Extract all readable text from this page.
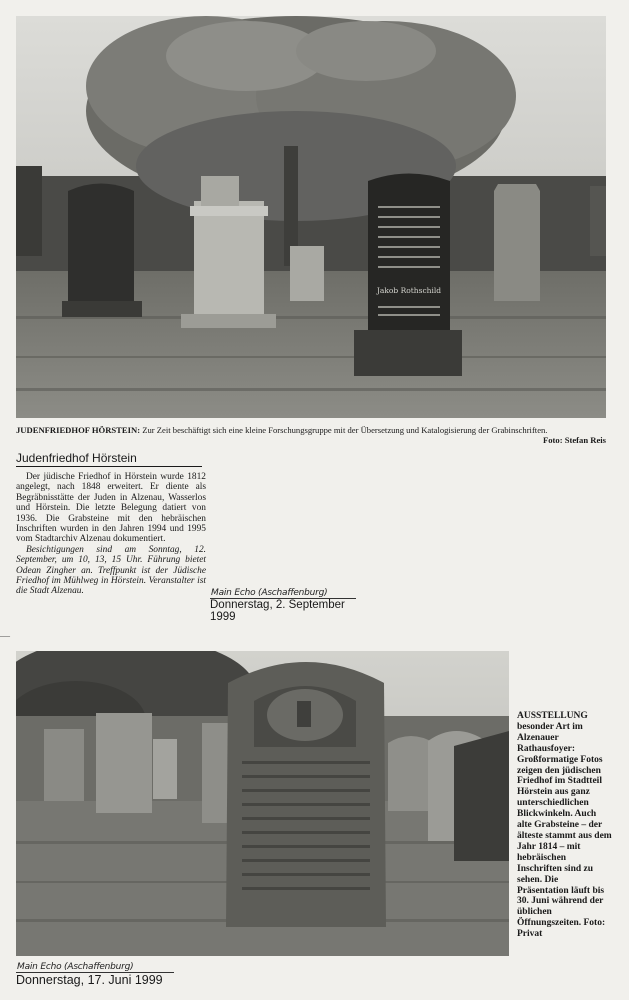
Jakob Rothschild
JUDENFRIEDHOF HÖRSTEIN: Zur Zeit beschäftigt sich eine kleine Forschungsgruppe mit der Übersetzung und Katalogisierung der Grabinschriften.
Foto: Stefan Reis
Judenfriedhof Hörstein

Der jüdische Friedhof in Hörstein wurde 1812 angelegt, nach 1848 erweitert. Er diente als Begräbnisstätte der Juden in Alzenau, Wasserlos und Hörstein. Die letzte Belegung datiert von 1936. Die Grabsteine mit den hebräischen Inschriften wurden in den Jahren 1994 und 1995 vom Stadtarchiv Alzenau dokumentiert.

Besichtigungen sind am Sonntag, 12. September, um 10, 13, 15 Uhr. Führung bietet Odean Zingher an. Treffpunkt ist der Jüdische Friedhof im Mühlweg in Hörstein. Veranstalter ist die Stadt Alzenau.	Main Echo (Aschaffenburg)
Donnerstag, 2. September 1999
—
AUSSTELLUNG besonder Art im Alzenauer Rathausfoyer: Großformatige Fotos zeigen den jüdischen Friedhof im Stadtteil Hörstein aus ganz unterschiedlichen Blickwinkeln. Auch alte Grabsteine – der älteste stammt aus dem Jahr 1814 – mit hebräischen Inschriften sind zu sehen. Die Präsentation läuft bis 30. Juni während der üblichen Öffnungszeiten. Foto: Privat
Main Echo (Aschaffenburg)
Donnerstag, 17. Juni 1999
